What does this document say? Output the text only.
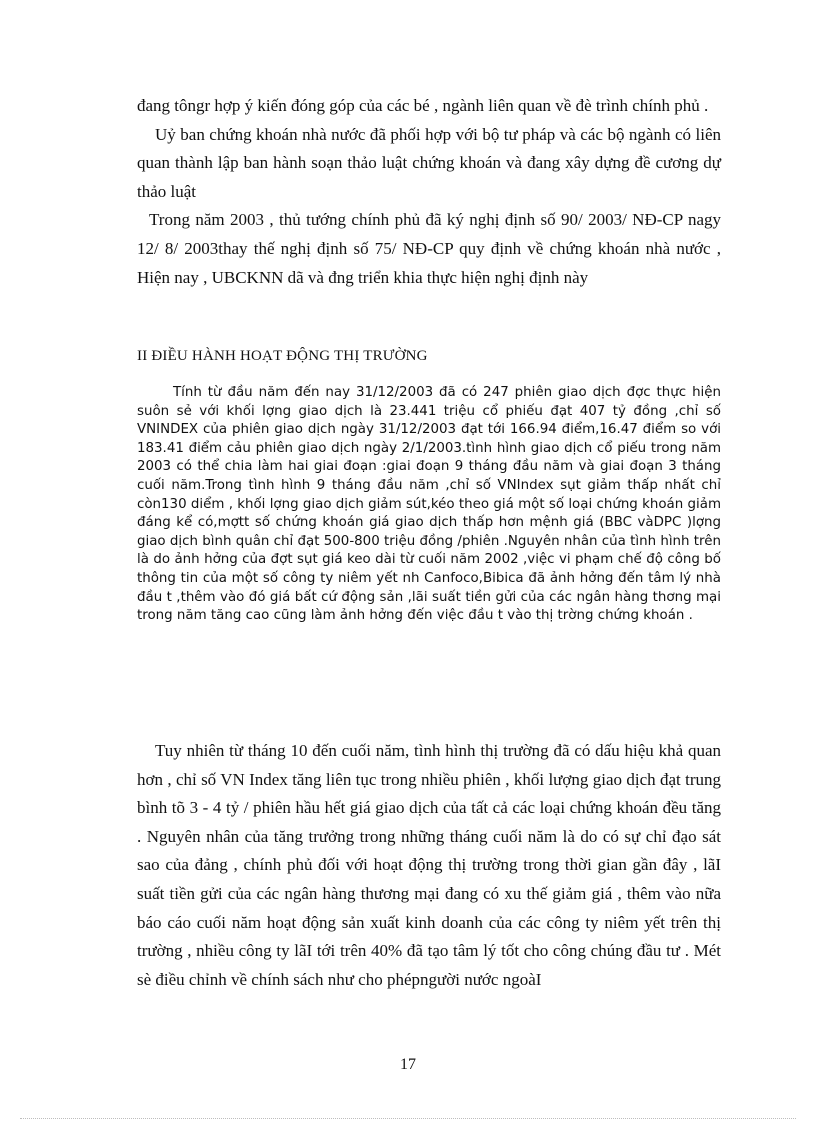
đang tôngr hợp ý kiến đóng góp của các bé , ngành liên quan về đè trình chính phủ .

Uỷ ban chứng khoán nhà nước đã phối hợp với bộ tư pháp và các bộ ngành có liên quan thành lập ban hành soạn thảo luật chứng khoán và đang xây dựng đề cương dự thảo luật

Trong năm 2003 , thủ tướng chính phủ đã ký nghị định số 90/ 2003/ NĐ-CP nagy 12/ 8/ 2003thay thế nghị định số 75/ NĐ-CP quy định về chứng khoán nhà nước , Hiện nay , UBCKNN dã và đng triển khia thực hiện nghị định này

II ĐIỀU HÀNH HOẠT ĐỘNG THỊ TRƯỜNG
Tính từ đầu năm đến nay 31/12/2003 đã có 247 phiên giao dịch đợc thực hiện suôn sẻ với khối lợng giao dịch là 23.441 triệu cổ phiếu đạt 407 tỷ đồng ,chỉ số VNINDEX của phiên giao dịch ngày 31/12/2003 đạt tới 166.94 điểm,16.47 điểm so với 183.41 điểm cảu phiên giao dịch ngày 2/1/2003.tình hình giao dịch cổ piếu trong năm 2003 có thể chia làm hai giai đoạn :giai đoạn 9 tháng đầu năm và giai đoạn 3 tháng cuối năm.Trong tình hình 9 tháng đầu năm ,chỉ số VNIndex sụt giảm thấp nhất chỉ còn130 diểm , khối lợng giao dịch giảm sút,kéo theo giá một số loại chứng khoán giảm đáng kể có,mợtt số chứng khoán giá giao dịch thấp hơn mệnh giá (BBC vàDPC )lợng giao dịch bình quân chỉ đạt 500-800 triệu đồng /phiên .Nguyên nhân của tình hình trên là do ảnh hởng của đợt sụt giá keo dài từ cuối năm 2002 ,việc vi phạm chế độ công bố thông tin của một số công ty niêm yết nh Canfoco,Bibica đã ảnh hởng đến tâm lý nhà đầu t ,thêm vào đó giá bất cứ động sản ,lãi suất tiền gửi của các ngân hàng thơng mại trong năm tăng cao cũng làm ảnh hởng đến việc đầu t vào thị trờng chứng khoán .

Tuy nhiên từ tháng 10 đến cuối năm, tình hình thị trường đã có dấu hiệu khả quan hơn , chỉ số VN Index tăng liên tục trong nhiều phiên , khối lượng giao dịch đạt trung bình tõ 3 - 4 tỷ / phiên hầu hết giá giao dịch của tất cả các loại chứng khoán đều tăng . Nguyên nhân của tăng trưởng trong những tháng cuối năm là do có sự chỉ đạo sát sao của đảng , chính phủ đối với hoạt động thị trường trong thời gian gần đây , lãI suất tiền gửi của các ngân hàng thương mại đang có xu thế giảm giá , thêm vào nữa báo cáo cuối năm hoạt động sản xuất kinh doanh của các công ty niêm yết trên thị trường , nhiều công ty lãI tới trên 40% đã tạo tâm lý tốt cho công chúng đầu tư . Mét sè điều chỉnh về chính sách như cho phépngười nước ngoàI

17
